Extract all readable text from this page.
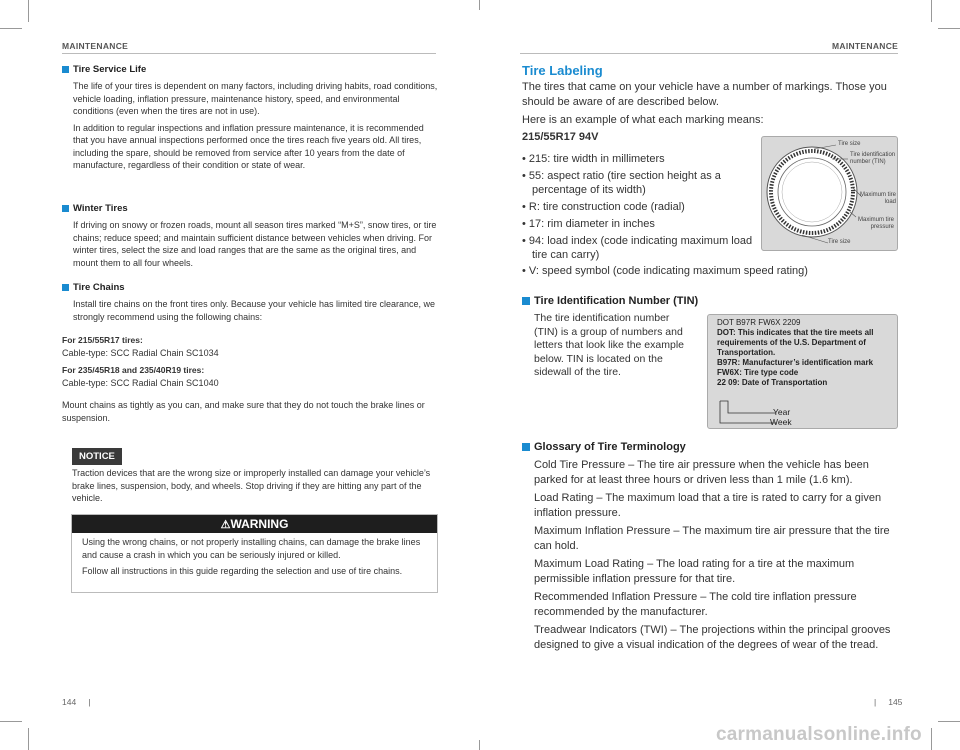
MAINTENANCE
Tire Service Life

The life of your tires is dependent on many factors, including driving habits, road conditions, vehicle loading, inflation pressure, maintenance history, speed, and environmental conditions (even when the tires are not in use).

In addition to regular inspections and inflation pressure maintenance, it is recommended that you have annual inspections performed once the tires reach five years old. All tires, including the spare, should be removed from service after 10 years from the date of manufacture, regardless of their condition or state of wear.

Winter Tires

If driving on snowy or frozen roads, mount all season tires marked “M+S”, snow tires, or tire chains; reduce speed; and maintain sufficient distance between vehicles when driving. For winter tires, select the size and load ranges that are the same as the original tires, and mount them to all four wheels.

Tire Chains

Install tire chains on the front tires only. Because your vehicle has limited tire clearance, we strongly recommend using the following chains:

For 215/55R17 tires:

Cable-type: SCC Radial Chain SC1034

For 235/45R18 and 235/40R19 tires:

Cable-type: SCC Radial Chain SC1040

Mount chains as tightly as you can, and make sure that they do not touch the brake lines or suspension.

NOTICE

Traction devices that are the wrong size or improperly installed can damage your vehicle’s brake lines, suspension, body, and wheels. Stop driving if they are hitting any part of the vehicle.

⚠WARNING

Using the wrong chains, or not properly installing chains, can damage the brake lines and cause a crash in which you can be seriously injured or killed.

Follow all instructions in this guide regarding the selection and use of tire chains.

144 |
MAINTENANCE
Tire Labeling

The tires that came on your vehicle have a number of markings. Those you should be aware of are described below.

Here is an example of what each marking means:

215/55R17 94V

• 215: tire width in millimeters
• 55: aspect ratio (tire section height as a percentage of its width)
• R: tire construction code (radial)
• 17: rim diameter in inches
• 94: load index (code indicating maximum load tire can carry)
• V: speed symbol (code indicating maximum speed rating)
Tire size
Tire identification number (TIN)
Maximum tire load
Maximum tire pressure
Tire size
Tire Identification Number (TIN)

The tire identification number (TIN) is a group of numbers and letters that look like the example below. TIN is located on the sidewall of the tire.

DOT B97R FW6X 2209
DOT: This indicates that the tire meets all requirements of the U.S. Department of Transportation.
B97R: Manufacturer’s identification mark
FW6X: Tire type code
22 09: Date of Transportation
Year
Week
Glossary of Tire Terminology

Cold Tire Pressure – The tire air pressure when the vehicle has been parked for at least three hours or driven less than 1 mile (1.6 km).

Load Rating – The maximum load that a tire is rated to carry for a given inflation pressure.

Maximum Inflation Pressure – The maximum tire air pressure that the tire can hold.

Maximum Load Rating – The load rating for a tire at the maximum permissible inflation pressure for that tire.

Recommended Inflation Pressure – The cold tire inflation pressure recommended by the manufacturer.

Treadwear Indicators (TWI) – The projections within the principal grooves designed to give a visual indication of the degrees of wear of the tread.

| 145
carmanualsonline.info
